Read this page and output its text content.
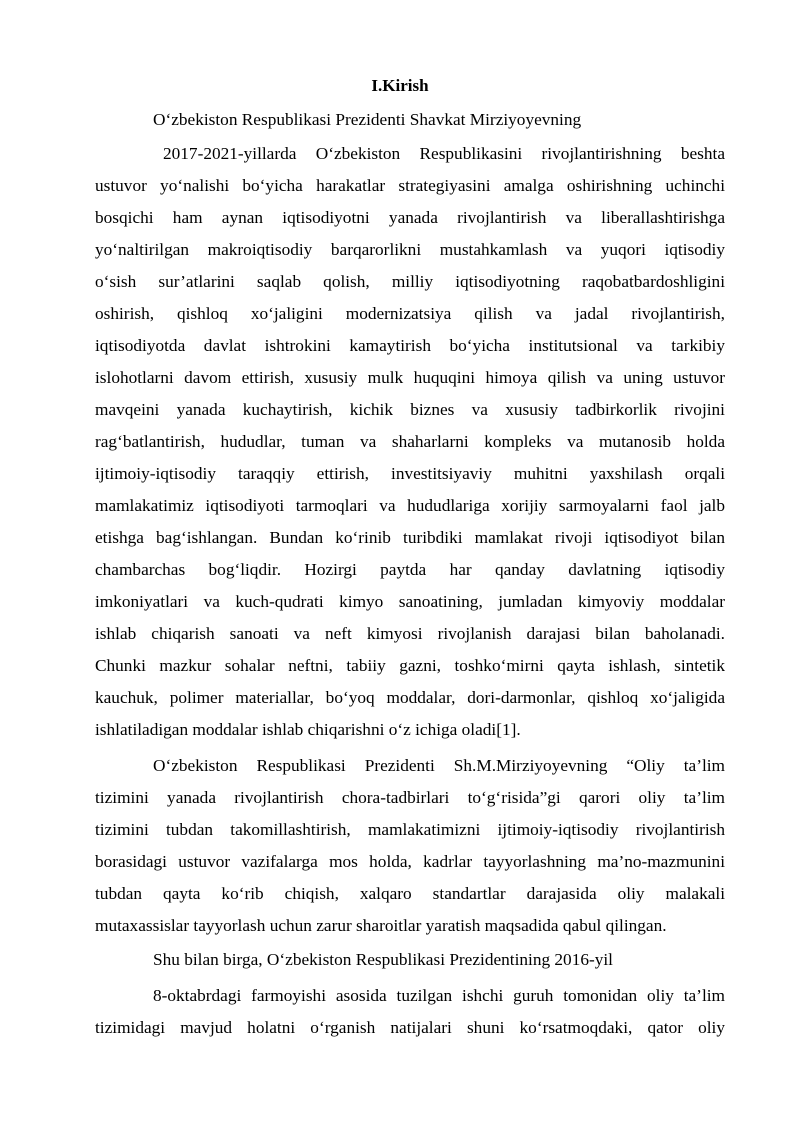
I.Kirish
O‘zbekiston Respublikasi Prezidenti Shavkat Mirziyoyevning
2017-2021-yillarda O‘zbekiston Respublikasini rivojlantirishning beshta
ustuvor yo‘nalishi bo‘yicha harakatlar strategiyasini amalga oshirishning uchinchi
bosqichi ham aynan iqtisodiyotni yanada rivojlantirish va liberallashtirishga
yo‘naltirilgan makroiqtisodiy barqarorlikni mustahkamlash va yuqori iqtisodiy
o‘sish sur’atlarini saqlab qolish, milliy iqtisodiyotning raqobatbardoshligini
oshirish, qishloq xo‘jaligini modernizatsiya qilish va jadal rivojlantirish,
iqtisodiyotda davlat ishtrokini kamaytirish bo‘yicha institutsional va tarkibiy
islohotlarni davom ettirish, xususiy mulk huquqini himoya qilish va uning ustuvor
mavqeini yanada kuchaytirish, kichik biznes va xususiy tadbirkorlik rivojini
rag‘batlantirish, hududlar, tuman va shaharlarni kompleks va mutanosib holda
ijtimoiy-iqtisodiy taraqqiy ettirish, investitsiyaviy muhitni yaxshilash orqali
mamlakatimiz iqtisodiyoti tarmoqlari va hududlariga xorijiy sarmoyalarni faol jalb
etishga bag‘ishlangan. Bundan ko‘rinib turibdiki mamlakat rivoji iqtisodiyot bilan
chambarchas bog‘liqdir. Hozirgi paytda har qanday davlatning iqtisodiy
imkoniyatlari va kuch-qudrati kimyo sanoatining, jumladan kimyoviy moddalar
ishlab chiqarish sanoati va neft kimyosi rivojlanish darajasi bilan baholanadi.
Chunki mazkur sohalar neftni, tabiiy gazni, toshko‘mirni qayta ishlash, sintetik
kauchuk, polimer materiallar, bo‘yoq moddalar, dori-darmonlar, qishloq xo‘jaligida
ishlatiladigan moddalar ishlab chiqarishni o‘z ichiga oladi[1].
O‘zbekiston Respublikasi Prezidenti Sh.M.Mirziyoyevning “Oliy ta’lim
tizimini yanada rivojlantirish chora-tadbirlari to‘g‘risida”gi qarori oliy ta’lim
tizimini tubdan takomillashtirish, mamlakatimizni ijtimoiy-iqtisodiy rivojlantirish
borasidagi ustuvor vazifalarga mos holda, kadrlar tayyorlashning ma’no-mazmunini
tubdan qayta ko‘rib chiqish, xalqaro standartlar darajasida oliy malakali
mutaxassislar tayyorlash uchun zarur sharoitlar yaratish maqsadida qabul qilingan.
Shu bilan birga, O‘zbekiston Respublikasi Prezidentining 2016-yil
8-oktabrdagi farmoyishi asosida tuzilgan ishchi guruh tomonidan oliy ta’lim
tizimidagi mavjud holatni o‘rganish natijalari shuni ko‘rsatmoqdaki, qator oliy
